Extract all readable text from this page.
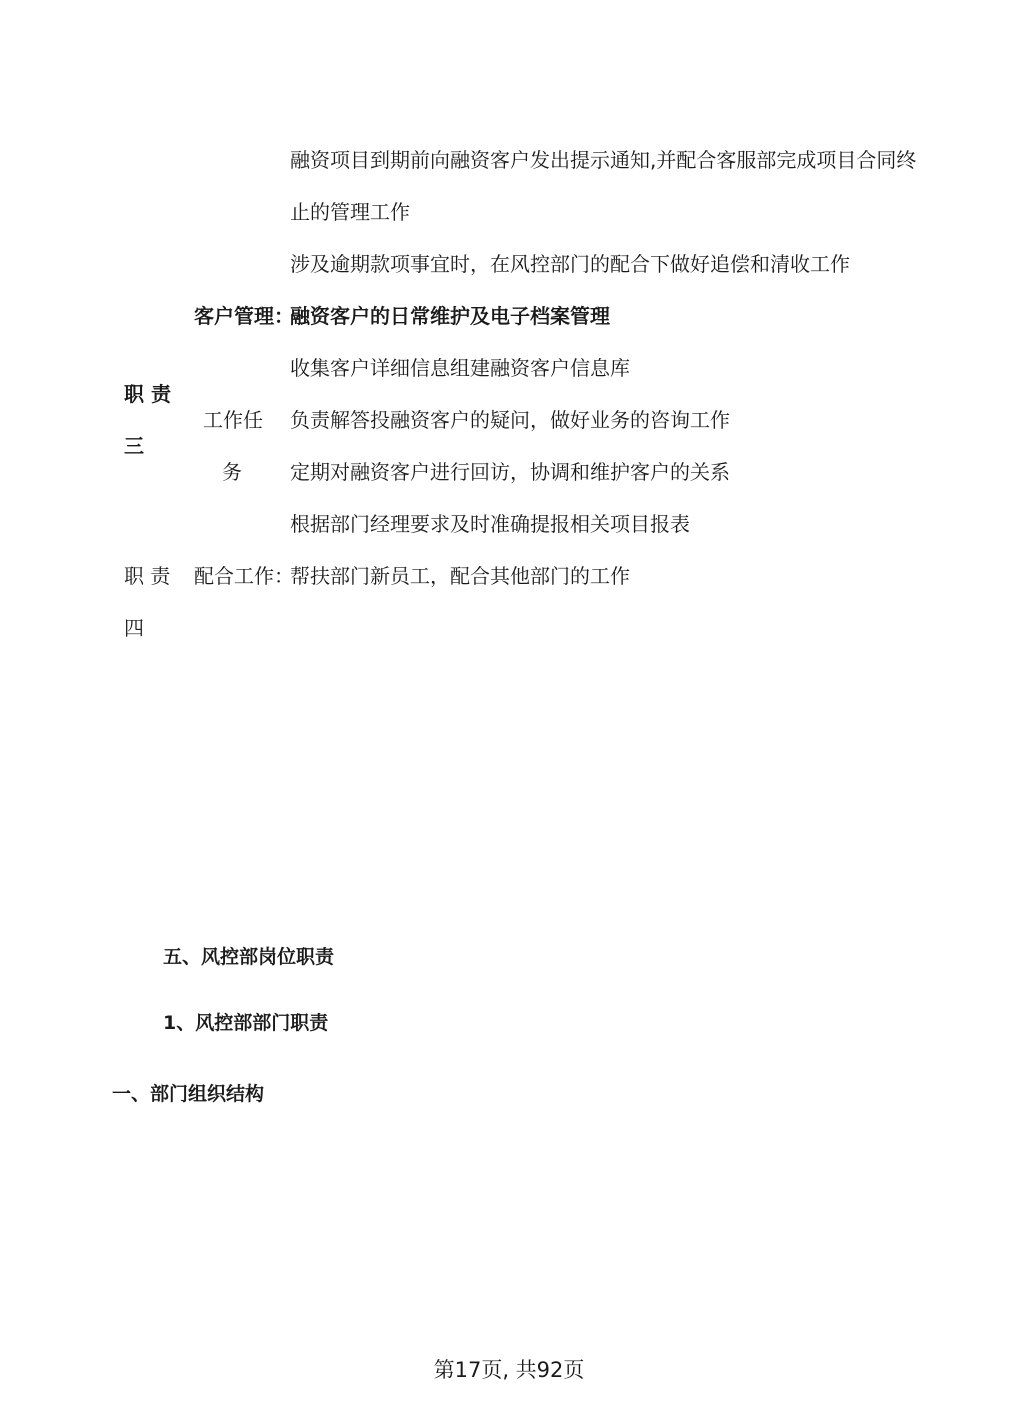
融资项目到期前向融资客户发出提示通知,并配合客服部完成项目合同终
止的管理工作
涉及逾期款项事宜时，在风控部门的配合下做好追偿和清收工作
客户管理：
融资客户的日常维护及电子档案管理
职 责
三
工作任
务
收集客户详细信息组建融资客户信息库
负责解答投融资客户的疑问，做好业务的咨询工作
定期对融资客户进行回访，协调和维护客户的关系
根据部门经理要求及时准确提报相关项目报表
职 责
四
配合工作：
帮扶部门新员工，配合其他部门的工作
五、风控部岗位职责
1、风控部部门职责
一、部门组织结构
第17页, 共92页
